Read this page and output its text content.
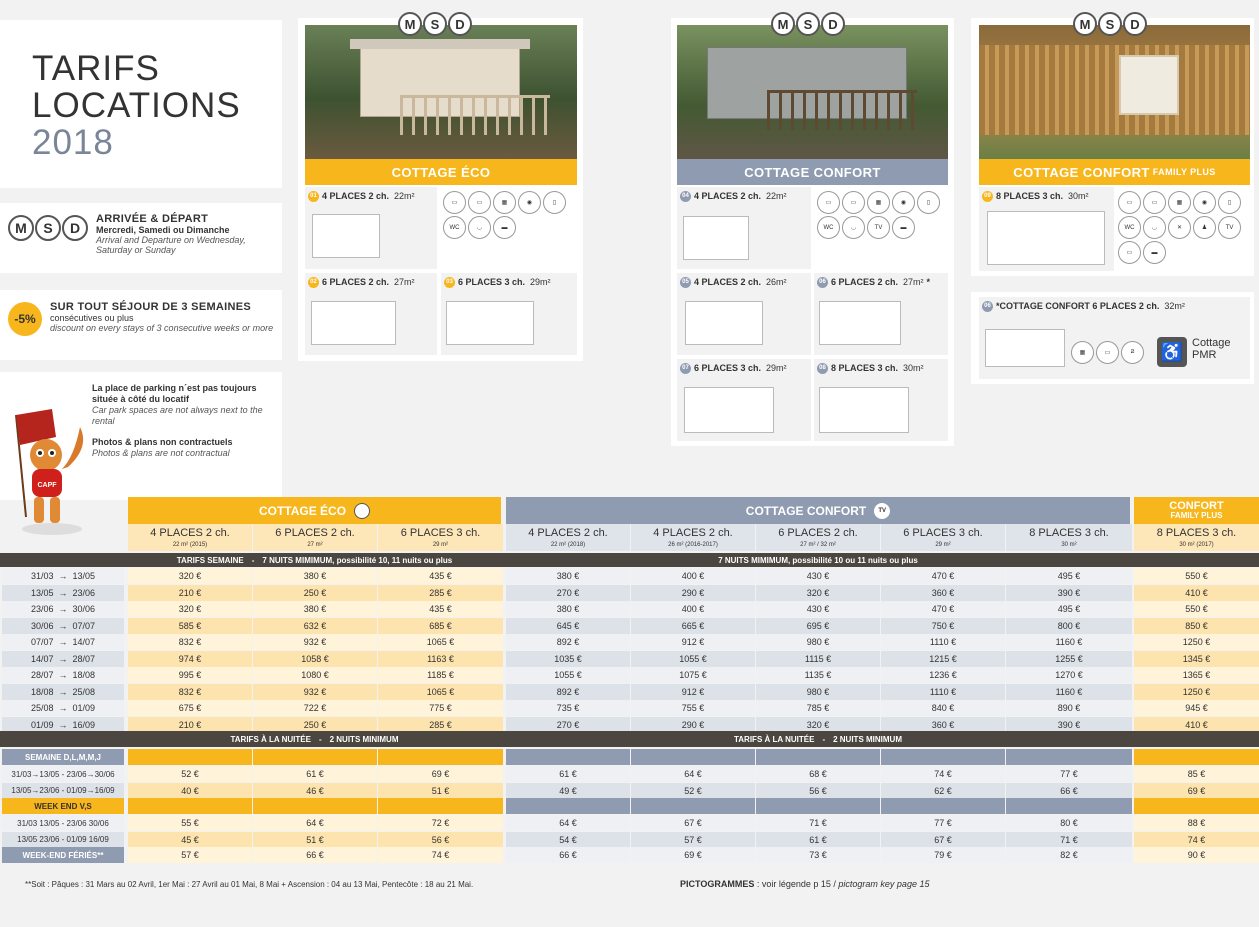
TARIFS
LOCATIONS
2018
M	S	D
ARRIVÉE & DÉPART
Mercredi, Samedi ou Dimanche
Arrival and Departure on Wednesday, Saturday or Sunday
-5%
SUR TOUT SÉJOUR DE 3 SEMAINES
consécutives ou plus
discount on every stays of 3 consecutive weeks or more
La place de parking n´est pas toujours située à côté du locatif
Car park spaces are not always next to the rental
Photos & plans non contractuels
Photos & plans are not contractual
CAPF
COTTAGE ÉCO
01 4 PLACES 2 ch. 22m²
▭	▭	▦	◉	▯
WC	◡	▬
02 6 PLACES 2 ch. 27m²	03 6 PLACES 3 ch. 29m²
M	S	D
COTTAGE CONFORT
04 4 PLACES 2 ch. 22m²
▭	▭	▦	◉	▯
WC	◡	TV	▬
05 4 PLACES 2 ch. 26m²	06 6 PLACES 2 ch. 27m² *
07 6 PLACES 3 ch. 29m²	08 8 PLACES 3 ch. 30m²
M	S	D
COTTAGE CONFORT FAMILY PLUS
09 8 PLACES 3 ch. 30m²
▭	▭	▦	◉	▯
WC	◡	✕	♟	TV
▭	▬
M	S	D
06 *COTTAGE CONFORT 6 PLACES 2 ch. 32m²
▦	▭	⧄	♿ Cottage PMR
COTTAGE ÉCO	COTTAGE CONFORT	TV	CONFORT
FAMILY PLUS
4 PLACES 2 ch.
22 m² (2015)
6 PLACES 2 ch.
27 m²
6 PLACES 3 ch.
29 m²
4 PLACES 2 ch.
22 m² (2018)
4 PLACES 2 ch.
26 m² (2016-2017)
6 PLACES 2 ch.
27 m² / 32 m²
6 PLACES 3 ch.
29 m²
8 PLACES 3 ch.
30 m²
8 PLACES 3 ch.
30 m² (2017)
TARIFS SEMAINE - 7 NUITS MIMIMUM, possibilité 10, 11 nuits ou plus	7 NUITS MIMIMUM, possibilité 10 ou 11 nuits ou plus
31/03 → 13/05	320 €	380 €	435 €	380 €	400 €	430 €	470 €	495 €	550 €
13/05 → 23/06	210 €	250 €	285 €	270 €	290 €	320 €	360 €	390 €	410 €
23/06 → 30/06	320 €	380 €	435 €	380 €	400 €	430 €	470 €	495 €	550 €
30/06 → 07/07	585 €	632 €	685 €	645 €	665 €	695 €	750 €	800 €	850 €
07/07 → 14/07	832 €	932 €	1065 €	892 €	912 €	980 €	1110 €	1160 €	1250 €
14/07 → 28/07	974 €	1058 €	1163 €	1035 €	1055 €	1115 €	1215 €	1255 €	1345 €
28/07 → 18/08	995 €	1080 €	1185 €	1055 €	1075 €	1135 €	1236 €	1270 €	1365 €
18/08 → 25/08	832 €	932 €	1065 €	892 €	912 €	980 €	1110 €	1160 €	1250 €
25/08 → 01/09	675 €	722 €	775 €	735 €	755 €	785 €	840 €	890 €	945 €
01/09 → 16/09	210 €	250 €	285 €	270 €	290 €	320 €	360 €	390 €	410 €
TARIFS À LA NUITÉE - 2 NUITS MINIMUM	TARIFS À LA NUITÉE - 2 NUITS MINIMUM
SEMAINE D,L,M,M,J
31/03→13/05 - 23/06→30/06	52 €	61 €	69 €	61 €	64 €	68 €	74 €	77 €	85 €
13/05→23/06 - 01/09→16/09	40 €	46 €	51 €	49 €	52 €	56 €	62 €	66 €	69 €
WEEK END V,S
31/03 13/05 - 23/06 30/06	55 €	64 €	72 €	64 €	67 €	71 €	77 €	80 €	88 €
13/05 23/06 - 01/09 16/09	45 €	51 €	56 €	54 €	57 €	61 €	67 €	71 €	74 €
WEEK-END FÉRIÉS**	57 €	66 €	74 €	66 €	69 €	73 €	79 €	82 €	90 €
**Soit : Pâques : 31 Mars au 02 Avril, 1er Mai : 27 Avril au 01 Mai, 8 Mai + Ascension : 04 au 13 Mai, Pentecôte : 18 au 21 Mai.	PICTOGRAMMES : voir légende p 15 / pictogram key page 15
